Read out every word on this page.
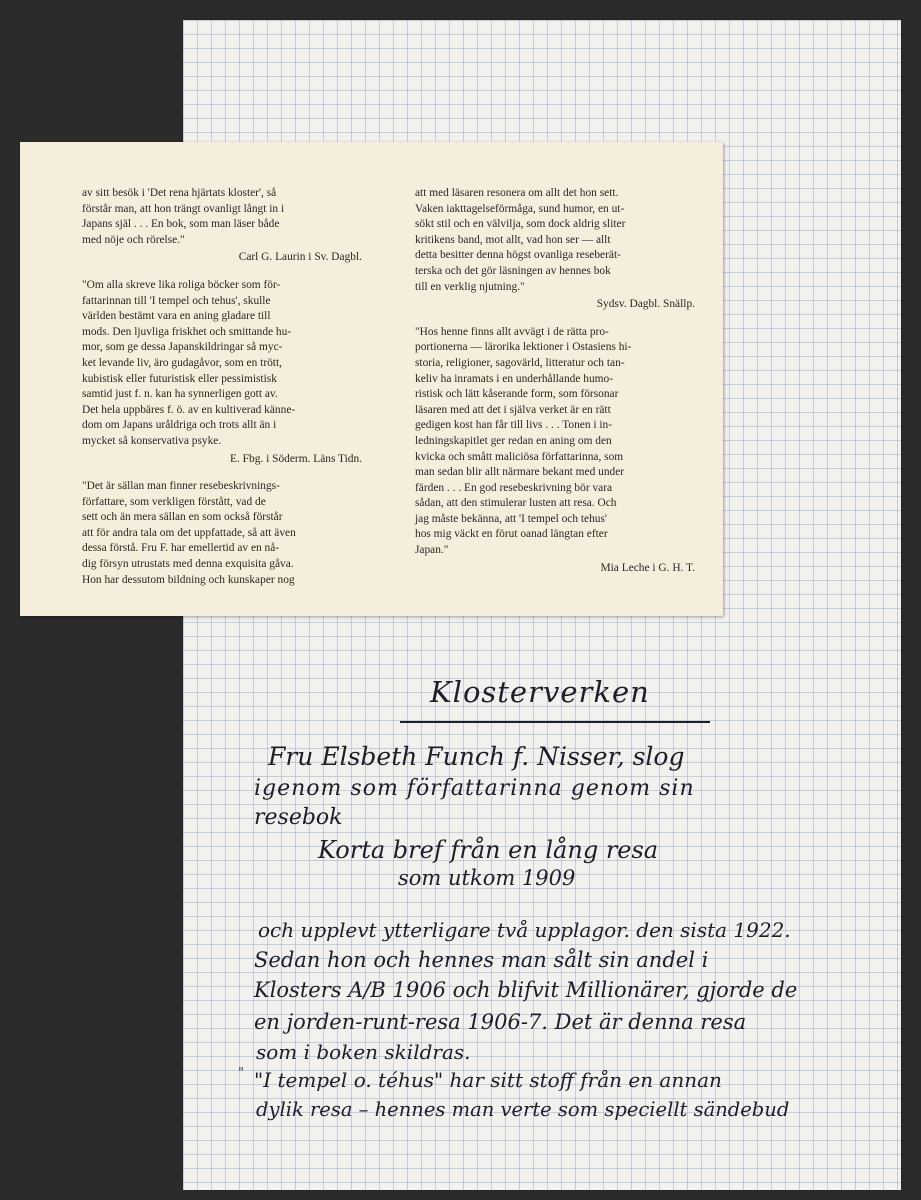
av sitt besök i 'Det rena hjärtats kloster', så
förstår man, att hon trängt ovanligt långt in i
Japans själ . . . En bok, som man läser både
med nöje och rörelse."

Carl G. Laurin i Sv. Dagbl.

"Om alla skreve lika roliga böcker som för-
fattarinnan till 'I tempel och tehus', skulle
världen bestämt vara en aning gladare till
mods. Den ljuvliga friskhet och smittande hu-
mor, som ge dessa Japanskildringar så myc-
ket levande liv, äro gudagåvor, som en trött,
kubistisk eller futuristisk eller pessimistisk
samtid just f. n. kan ha synnerligen gott av.
Det hela uppbäres f. ö. av en kultiverad känne-
dom om Japans uråldriga och trots allt än i
mycket så konservativa psyke.

E. Fbg. i Söderm. Läns Tidn.

"Det är sällan man finner resebeskrivnings-
författare, som verkligen förstått, vad de
sett och än mera sällan en som också förstår
att för andra tala om det uppfattade, så att även
dessa förstå. Fru F. har emellertid av en nå-
dig försyn utrustats med denna exquisita gåva.
Hon har dessutom bildning och kunskaper nog

att med läsaren resonera om allt det hon sett.
Vaken iakttagelseförmåga, sund humor, en ut-
sökt stil och en välvilja, som dock aldrig sliter
kritikens band, mot allt, vad hon ser — allt
detta besitter denna högst ovanliga reseberät-
terska och det gör läsningen av hennes bok
till en verklig njutning."

Sydsv. Dagbl. Snällp.

"Hos henne finns allt avvägt i de rätta pro-
portionerna — lärorika lektioner i Ostasiens hi-
storia, religioner, sagovärld, litteratur och tan-
keliv ha inramats i en underhållande humo-
ristisk och lätt kåserande form, som försonar
läsaren med att det i själva verket är en rätt
gedigen kost han får till livs . . . Tonen i in-
ledningskapitlet ger redan en aning om den
kvicka och smått maliciösa författarinna, som
man sedan blir allt närmare bekant med under
färden . . . En god resebeskrivning bör vara
sådan, att den stimulerar lusten att resa. Och
jag måste bekänna, att 'I tempel och tehus'
hos mig väckt en förut oanad längtan efter
Japan."

Mia Leche i G. H. T.
Klosterverken
Fru Elsbeth Funch f. Nisser, slog
igenom som författarinna genom sin
resebok
Korta bref från en lång resa
som utkom 1909
och upplevt ytterligare två upplagor. den sista 1922.
Sedan hon och hennes man sålt sin andel i
Klosters A/B 1906 och blifvit Millionärer, gjorde de
en jorden-runt-resa 1906-7. Det är denna resa
som i boken skildras.
" "I tempel o. téhus" har sitt stoff från en annan
dylik resa – hennes man verte som speciellt sändebud
